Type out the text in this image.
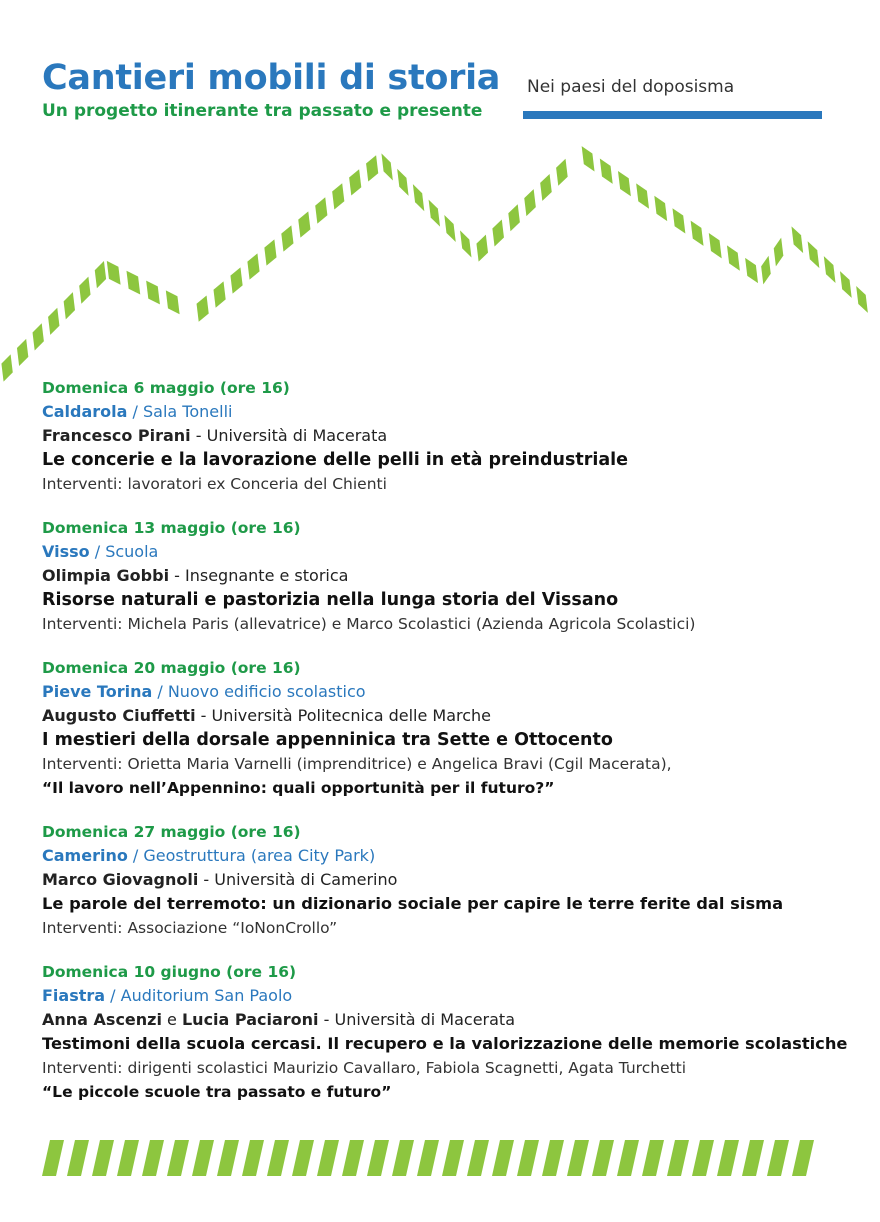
Cantieri mobili di storia
Un progetto itinerante tra passato e presente
Nei paesi del doposisma
Domenica 6 maggio (ore 16)
Caldarola / Sala Tonelli
Francesco Pirani - Università di Macerata
Le concerie e la lavorazione delle pelli in età preindustriale
Interventi: lavoratori ex Conceria del Chienti
Domenica 13 maggio (ore 16)
Visso / Scuola
Olimpia Gobbi - Insegnante e storica
Risorse naturali e pastorizia nella lunga storia del Vissano
Interventi: Michela Paris (allevatrice) e Marco Scolastici (Azienda Agricola Scolastici)
Domenica 20 maggio (ore 16)
Pieve Torina / Nuovo edificio scolastico
Augusto Ciuffetti - Università Politecnica delle Marche
I mestieri della dorsale appenninica tra Sette e Ottocento
Interventi: Orietta Maria Varnelli (imprenditrice) e Angelica Bravi (Cgil Macerata),
“Il lavoro nell’Appennino: quali opportunità per il futuro?”
Domenica 27 maggio (ore 16)
Camerino / Geostruttura (area City Park)
Marco Giovagnoli - Università di Camerino
Le parole del terremoto: un dizionario sociale per capire le terre ferite dal sisma
Interventi: Associazione “IoNonCrollo”
Domenica 10 giugno (ore 16)
Fiastra / Auditorium San Paolo
Anna Ascenzi e Lucia Paciaroni - Università di Macerata
Testimoni della scuola cercasi. Il recupero e la valorizzazione delle memorie scolastiche
Interventi: dirigenti scolastici Maurizio Cavallaro, Fabiola Scagnetti, Agata Turchetti
“Le piccole scuole tra passato e futuro”
